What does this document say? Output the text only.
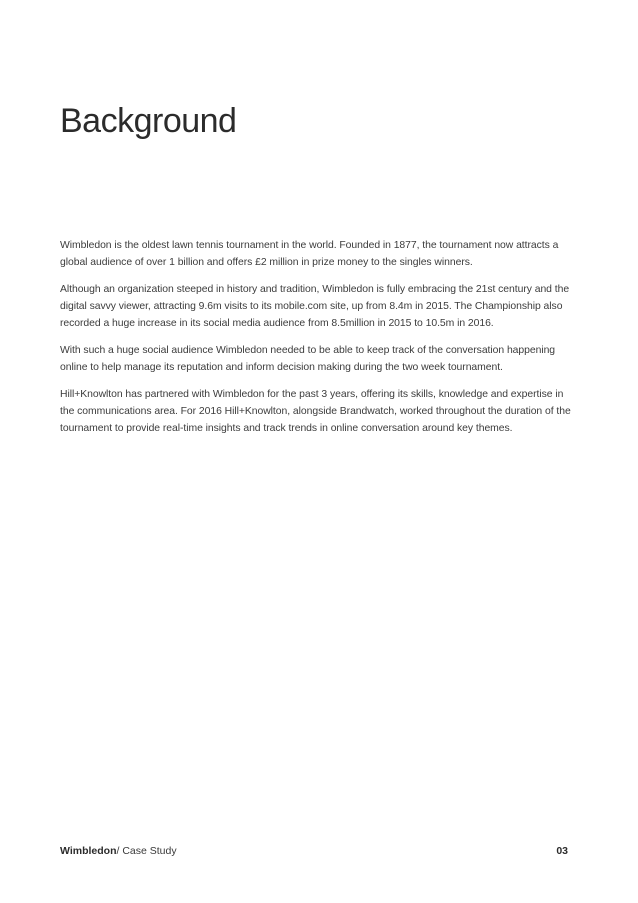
Background

Wimbledon is the oldest lawn tennis tournament in the world. Founded in 1877, the tournament now attracts a global audience of over 1 billion and offers £2 million in prize money to the singles winners.

Although an organization steeped in history and tradition, Wimbledon is fully embracing the 21st century and the digital savvy viewer, attracting 9.6m visits to its mobile.com site, up from 8.4m in 2015. The Championship also recorded a huge increase in its social media audience from 8.5million in 2015 to 10.5m in 2016.

With such a huge social audience Wimbledon needed to be able to keep track of the conversation happening online to help manage its reputation and inform decision making during the two week tournament.

Hill+Knowlton has partnered with Wimbledon for the past 3 years, offering its skills, knowledge and expertise in the communications area. For 2016 Hill+Knowlton, alongside Brandwatch, worked throughout the duration of the tournament to provide real-time insights and track trends in online conversation around key themes.

Wimbledon/ Case Study	03
